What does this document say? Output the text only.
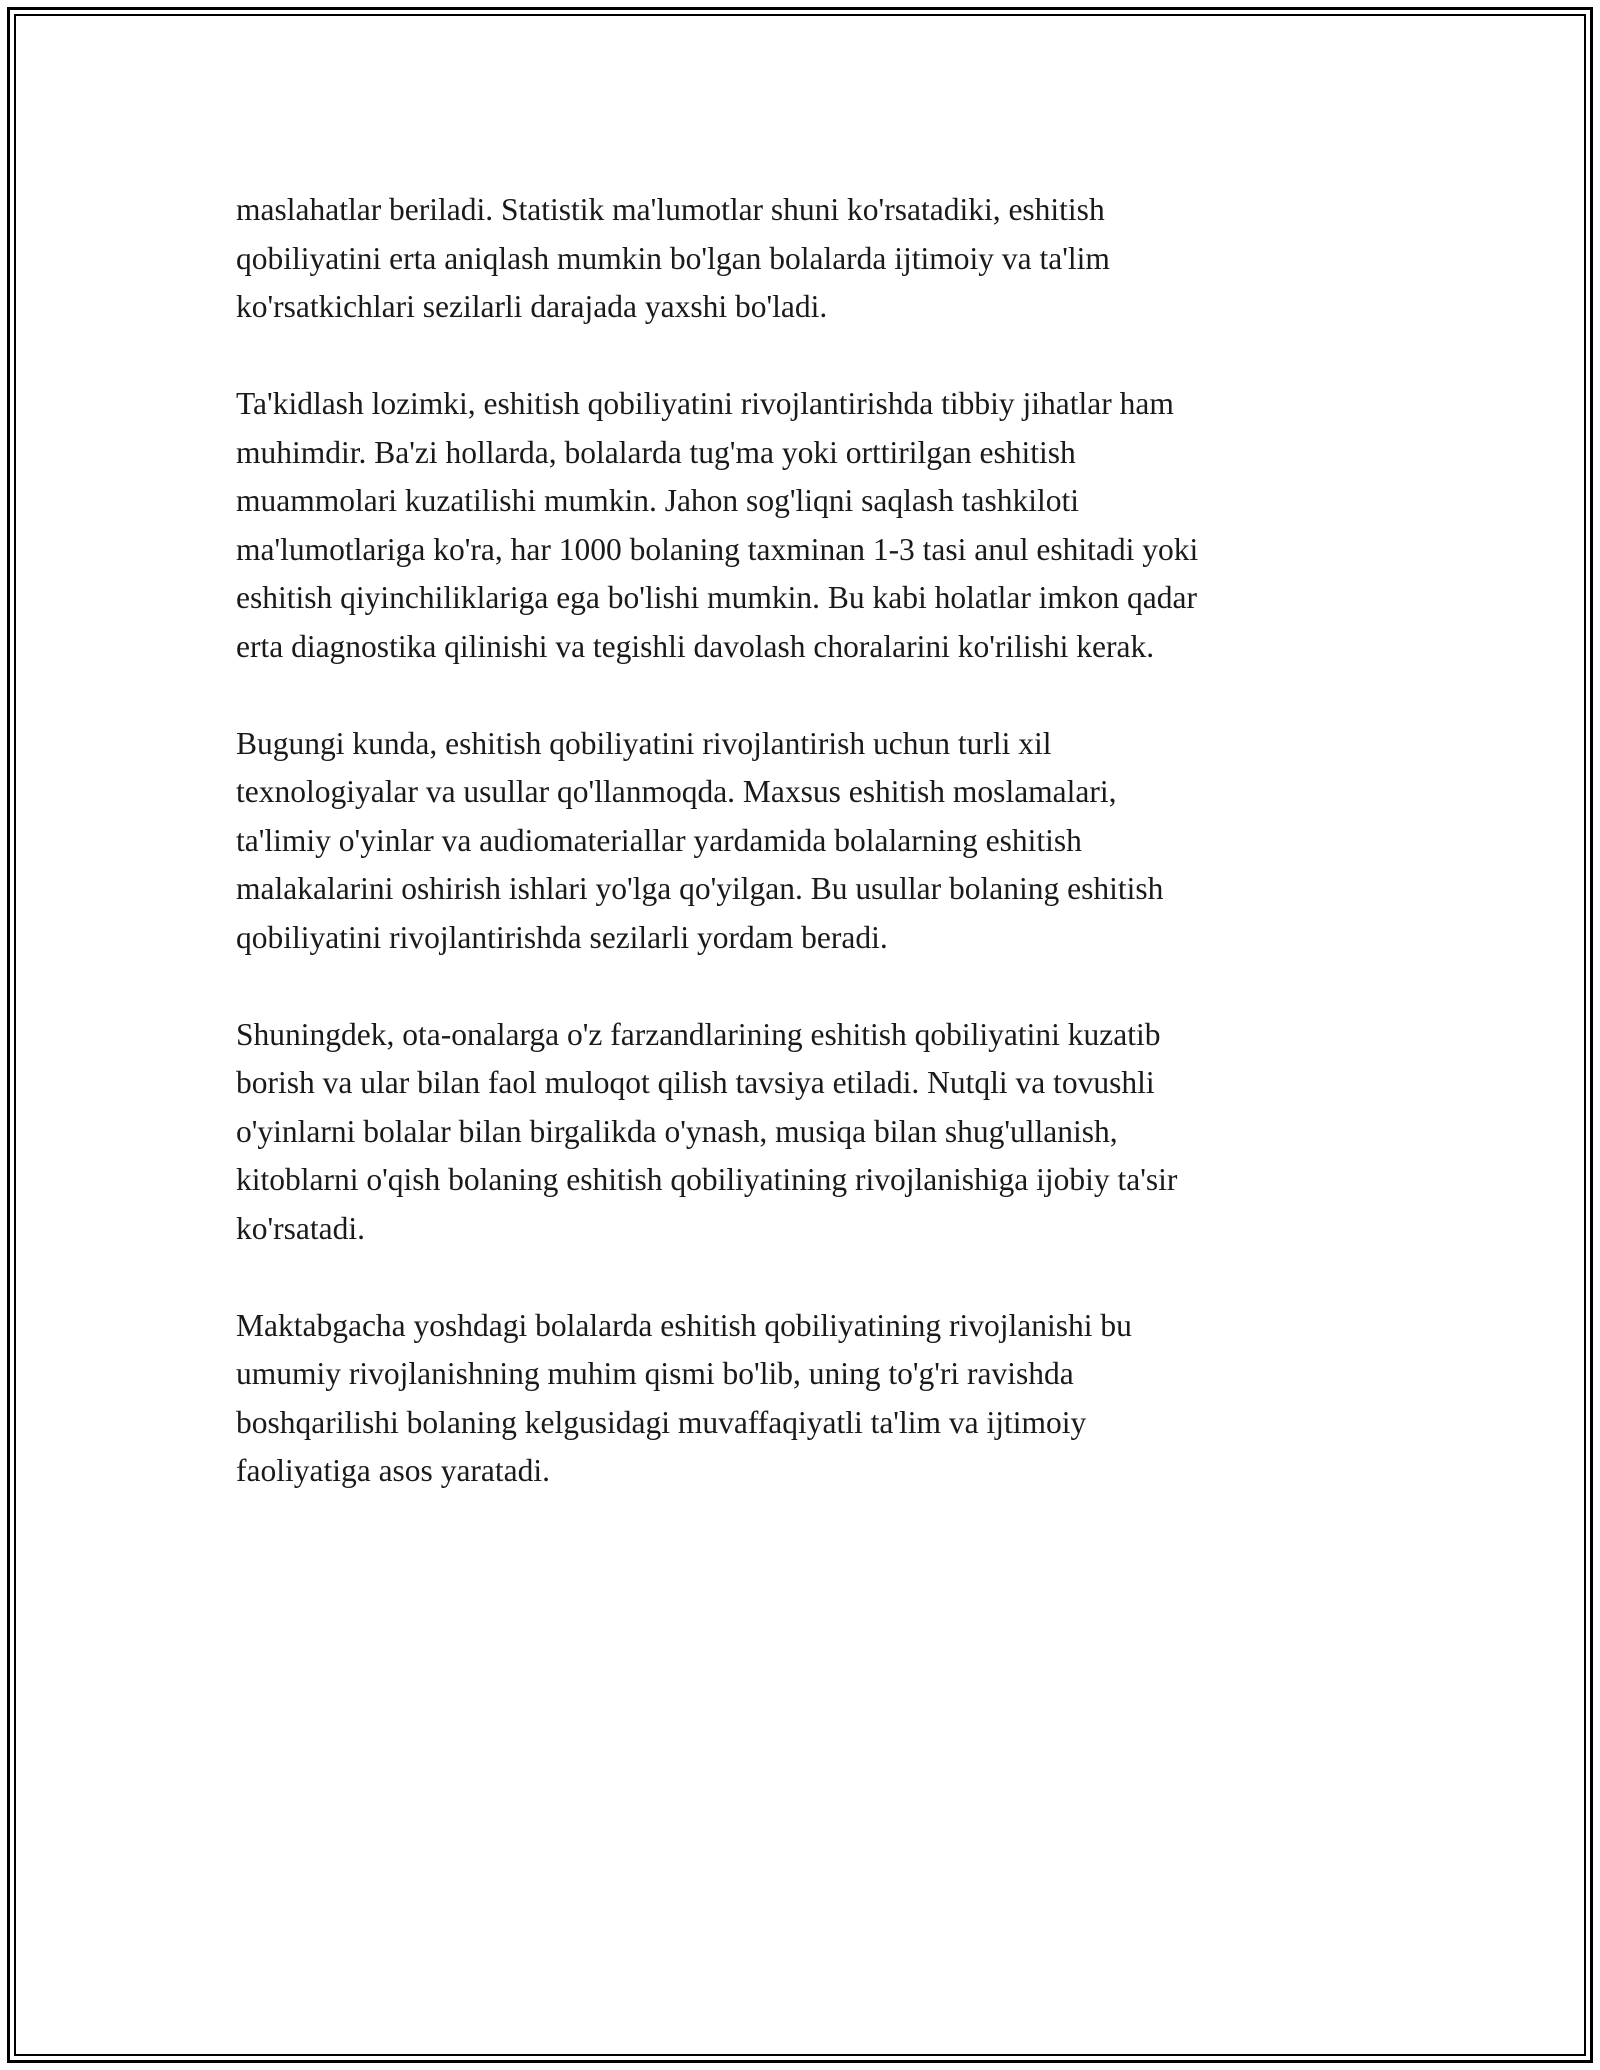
maslahatlar beriladi. Statistik ma'lumotlar shuni ko'rsatadiki, eshitish
qobiliyatini erta aniqlash mumkin bo'lgan bolalarda ijtimoiy va ta'lim
ko'rsatkichlari sezilarli darajada yaxshi bo'ladi.

Ta'kidlash lozimki, eshitish qobiliyatini rivojlantirishda tibbiy jihatlar ham
muhimdir. Ba'zi hollarda, bolalarda tug'ma yoki orttirilgan eshitish
muammolari kuzatilishi mumkin. Jahon sog'liqni saqlash tashkiloti
ma'lumotlariga ko'ra, har 1000 bolaning taxminan 1-3 tasi anul eshitadi yoki
eshitish qiyinchiliklariga ega bo'lishi mumkin. Bu kabi holatlar imkon qadar
erta diagnostika qilinishi va tegishli davolash choralarini ko'rilishi kerak.

Bugungi kunda, eshitish qobiliyatini rivojlantirish uchun turli xil
texnologiyalar va usullar qo'llanmoqda. Maxsus eshitish moslamalari,
ta'limiy o'yinlar va audiomateriallar yardamida bolalarning eshitish
malakalarini oshirish ishlari yo'lga qo'yilgan. Bu usullar bolaning eshitish
qobiliyatini rivojlantirishda sezilarli yordam beradi.

Shuningdek, ota-onalarga o'z farzandlarining eshitish qobiliyatini kuzatib
borish va ular bilan faol muloqot qilish tavsiya etiladi. Nutqli va tovushli
o'yinlarni bolalar bilan birgalikda o'ynash, musiqa bilan shug'ullanish,
kitoblarni o'qish bolaning eshitish qobiliyatining rivojlanishiga ijobiy ta'sir
ko'rsatadi.

Maktabgacha yoshdagi bolalarda eshitish qobiliyatining rivojlanishi bu
umumiy rivojlanishning muhim qismi bo'lib, uning to'g'ri ravishda
boshqarilishi bolaning kelgusidagi muvaffaqiyatli ta'lim va ijtimoiy
faoliyatiga asos yaratadi.
